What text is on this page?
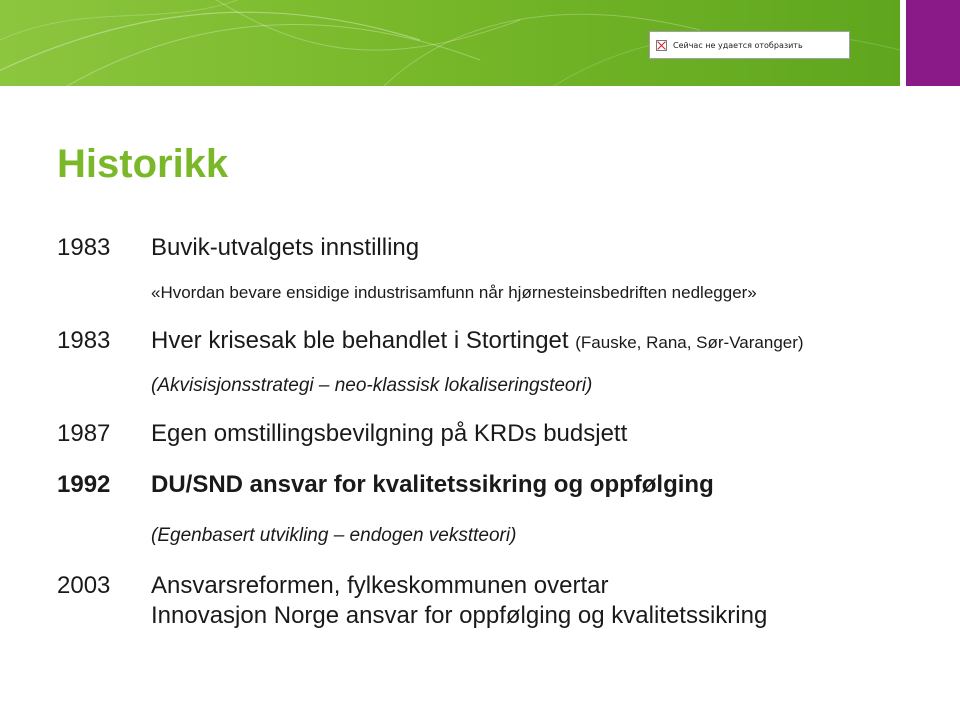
Сейчас не удается отобразить
Historikk
1983 Buvik-utvalgets innstilling
«Hvordan bevare ensidige industrisamfunn når hjørnesteinsbedriften nedlegger»
1983 Hver krisesak ble behandlet i Stortinget (Fauske, Rana, Sør-Varanger)
(Akvisisjonsstrategi – neo-klassisk lokaliseringsteori)
1987 Egen omstillingsbevilgning på KRDs budsjett
1992 DU/SND ansvar for kvalitetssikring og oppfølging
(Egenbasert utvikling – endogen vekstteori)
2003 Ansvarsreformen, fylkeskommunen overtar
Innovasjon Norge ansvar for oppfølging og kvalitetssikring
